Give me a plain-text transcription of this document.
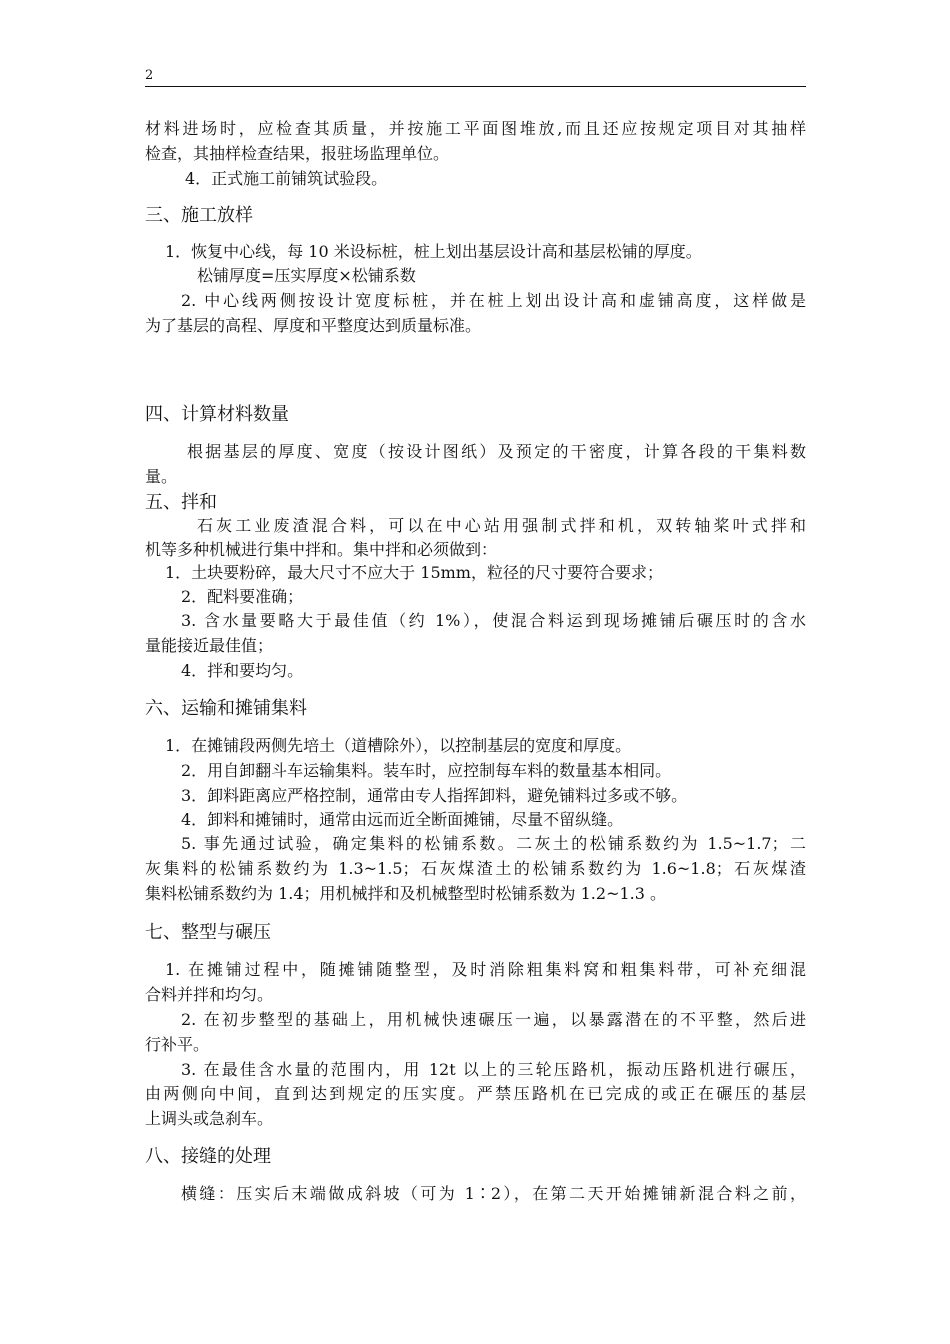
2
材料进场时，应检查其质量，并按施工平面图堆放,而且还应按规定项目对其抽样
检查，其抽样检查结果，报驻场监理单位。
4．正式施工前铺筑试验段。
三、施工放样
1．恢复中心线，每 10 米设标桩，桩上划出基层设计高和基层松铺的厚度。
松铺厚度=压实厚度×松铺系数
2. 中心线两侧按设计宽度标桩，并在桩上划出设计高和虚铺高度，这样做是
为了基层的高程、厚度和平整度达到质量标准。
四、计算材料数量
根据基层的厚度、宽度（按设计图纸）及预定的干密度，计算各段的干集料数
量。
五、拌和
石灰工业废渣混合料，可以在中心站用强制式拌和机，双转轴桨叶式拌和
机等多种机械进行集中拌和。集中拌和必须做到：
1．土块要粉碎，最大尺寸不应大于 15mm，粒径的尺寸要符合要求；
2．配料要准确；
3. 含水量要略大于最佳值（约 1%），使混合料运到现场摊铺后碾压时的含水
量能接近最佳值；
4．拌和要均匀。
六、运输和摊铺集料
1．在摊铺段两侧先培土（道槽除外），以控制基层的宽度和厚度。
2．用自卸翻斗车运输集料。装车时，应控制每车料的数量基本相同。
3．卸料距离应严格控制，通常由专人指挥卸料，避免铺料过多或不够。
4．卸料和摊铺时，通常由远而近全断面摊铺，尽量不留纵缝。
5. 事先通过试验，确定集料的松铺系数。二灰土的松铺系数约为 1.5~1.7；二
灰集料的松铺系数约为 1.3~1.5；石灰煤渣土的松铺系数约为 1.6~1.8；石灰煤渣
集料松铺系数约为 1.4；用机械拌和及机械整型时松铺系数为 1.2~1.3 。
七、整型与碾压
1. 在摊铺过程中，随摊铺随整型，及时消除粗集料窝和粗集料带，可补充细混
合料并拌和均匀。
2. 在初步整型的基础上，用机械快速碾压一遍，以暴露潜在的不平整，然后进
行补平。
3. 在最佳含水量的范围内，用 12t 以上的三轮压路机，振动压路机进行碾压，
由两侧向中间，直到达到规定的压实度。严禁压路机在已完成的或正在碾压的基层
上调头或急刹车。
八、接缝的处理
横缝：压实后末端做成斜坡（可为 1∶2），在第二天开始摊铺新混合料之前，
